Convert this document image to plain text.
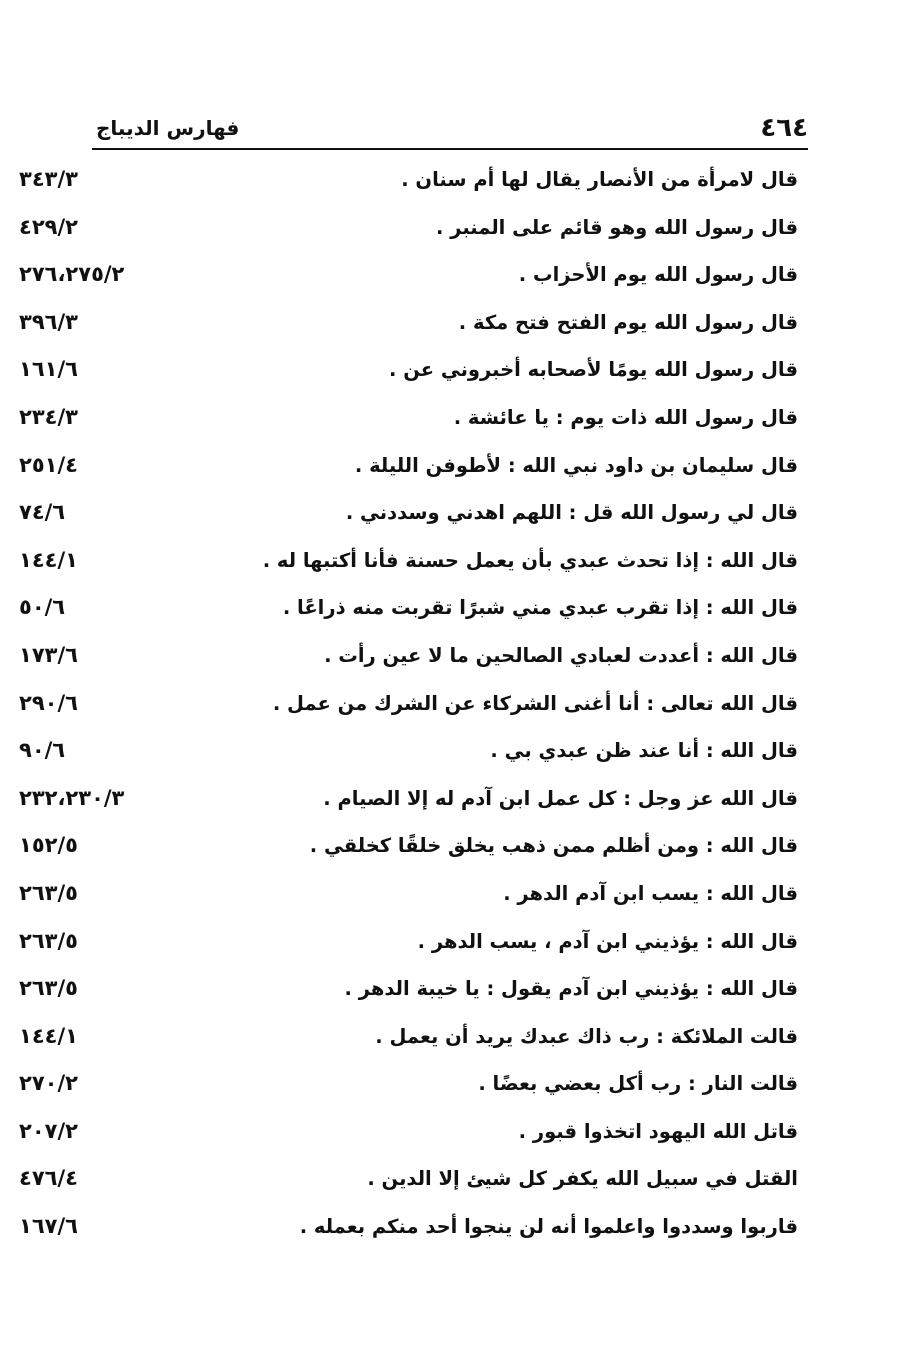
٤٦٤
فهارس الديباج
قال لامرأة من الأنصار يقال لها أم سنان .
٣٤٣/٣
قال رسول الله وهو قائم على المنبر .
٤٢٩/٢
قال رسول الله يوم الأحزاب .
٢٧٦،٢٧٥/٢
قال رسول الله يوم الفتح فتح مكة .
٣٩٦/٣
قال رسول الله يومًا لأصحابه أخبروني عن .
١٦١/٦
قال رسول الله ذات يوم : يا عائشة .
٢٣٤/٣
قال سليمان بن داود نبي الله : لأطوفن الليلة .
٢٥١/٤
قال لي رسول الله قل : اللهم اهدني وسددني .
٧٤/٦
قال الله : إذا تحدث عبدي بأن يعمل حسنة فأنا أكتبها له .
١٤٤/١
قال الله : إذا تقرب عبدي مني شبرًا تقربت منه ذراعًا .
٥٠/٦
قال الله : أعددت لعبادي الصالحين ما لا عين رأت .
١٧٣/٦
قال الله تعالى : أنا أغنى الشركاء عن الشرك من عمل .
٢٩٠/٦
قال الله : أنا عند ظن عبدي بي .
٩٠/٦
قال الله عز وجل : كل عمل ابن آدم له إلا الصيام .
٢٣٢،٢٣٠/٣
قال الله : ومن أظلم ممن ذهب يخلق خلقًا كخلقي .
١٥٢/٥
قال الله : يسب ابن آدم الدهر .
٢٦٣/٥
قال الله : يؤذيني ابن آدم ، يسب الدهر .
٢٦٣/٥
قال الله : يؤذيني ابن آدم يقول : يا خيبة الدهر .
٢٦٣/٥
قالت الملائكة : رب ذاك عبدك يريد أن يعمل .
١٤٤/١
قالت النار : رب أكل بعضي بعضًا .
٢٧٠/٢
قاتل الله اليهود اتخذوا قبور .
٢٠٧/٢
القتل في سبيل الله يكفر كل شيئ إلا الدين .
٤٧٦/٤
قاربوا وسددوا واعلموا أنه لن ينجوا أحد منكم بعمله .
١٦٧/٦
